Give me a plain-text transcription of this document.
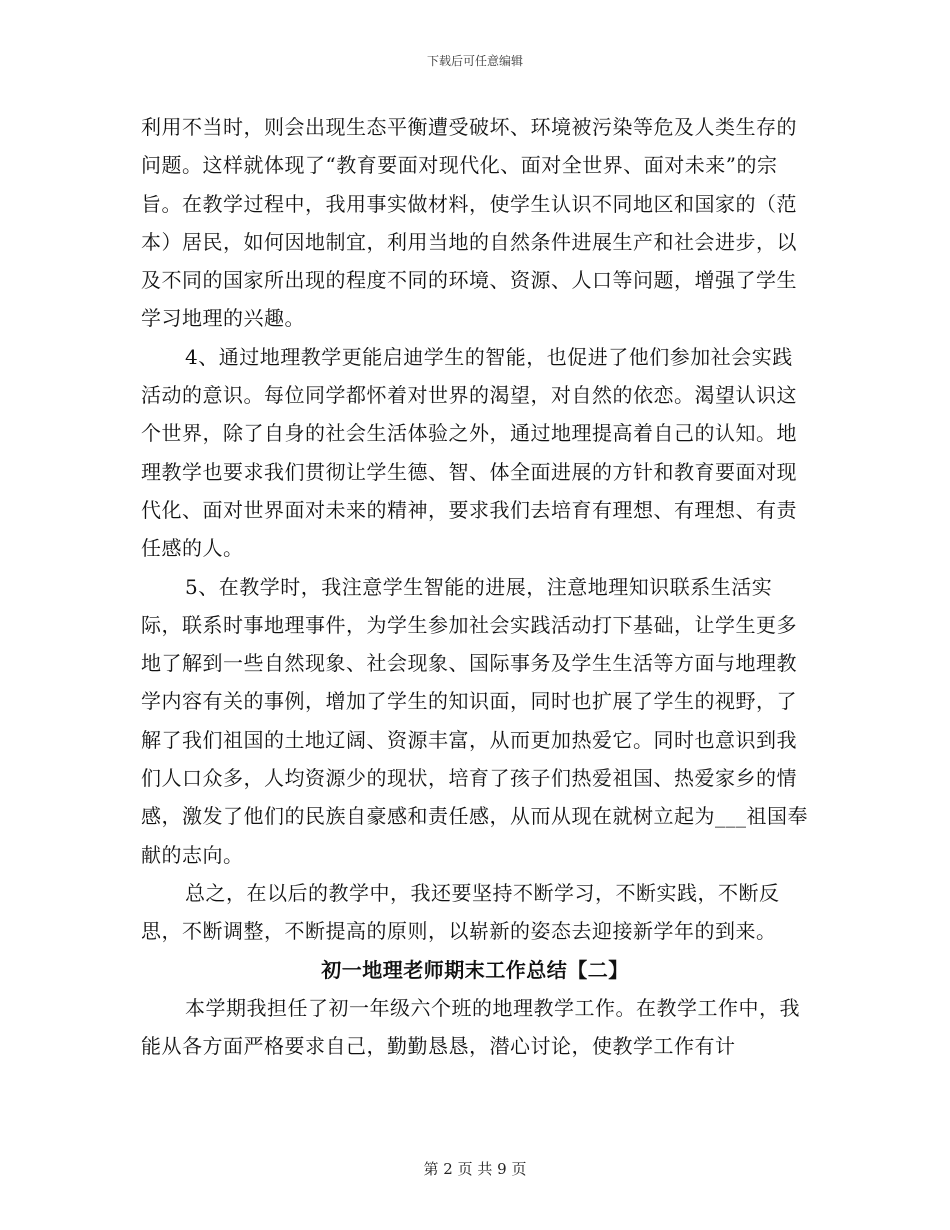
下载后可任意编辑

利用不当时，则会出现生态平衡遭受破坏、环境被污染等危及人类生存的问题。这样就体现了“教育要面对现代化、面对全世界、面对未来”的宗旨。在教学过程中，我用事实做材料，使学生认识不同地区和国家的（范本）居民，如何因地制宜，利用当地的自然条件进展生产和社会进步，以及不同的国家所出现的程度不同的环境、资源、人口等问题，增强了学生学习地理的兴趣。

4、通过地理教学更能启迪学生的智能，也促进了他们参加社会实践活动的意识。每位同学都怀着对世界的渴望，对自然的依恋。渴望认识这个世界，除了自身的社会生活体验之外，通过地理提高着自己的认知。地理教学也要求我们贯彻让学生德、智、体全面进展的方针和教育要面对现代化、面对世界面对未来的精神，要求我们去培育有理想、有理想、有责任感的人。

5、在教学时，我注意学生智能的进展，注意地理知识联系生活实际，联系时事地理事件，为学生参加社会实践活动打下基础，让学生更多地了解到一些自然现象、社会现象、国际事务及学生生活等方面与地理教学内容有关的事例，增加了学生的知识面，同时也扩展了学生的视野，了解了我们祖国的土地辽阔、资源丰富，从而更加热爱它。同时也意识到我们人口众多，人均资源少的现状，培育了孩子们热爱祖国、热爱家乡的情感，激发了他们的民族自豪感和责任感，从而从现在就树立起为___祖国奉献的志向。

总之，在以后的教学中，我还要坚持不断学习，不断实践，不断反思，不断调整，不断提高的原则，以崭新的姿态去迎接新学年的到来。

初一地理老师期末工作总结【二】

本学期我担任了初一年级六个班的地理教学工作。在教学工作中，我能从各方面严格要求自己，勤勤恳恳，潜心讨论，使教学工作有计

第 2 页 共 9 页
